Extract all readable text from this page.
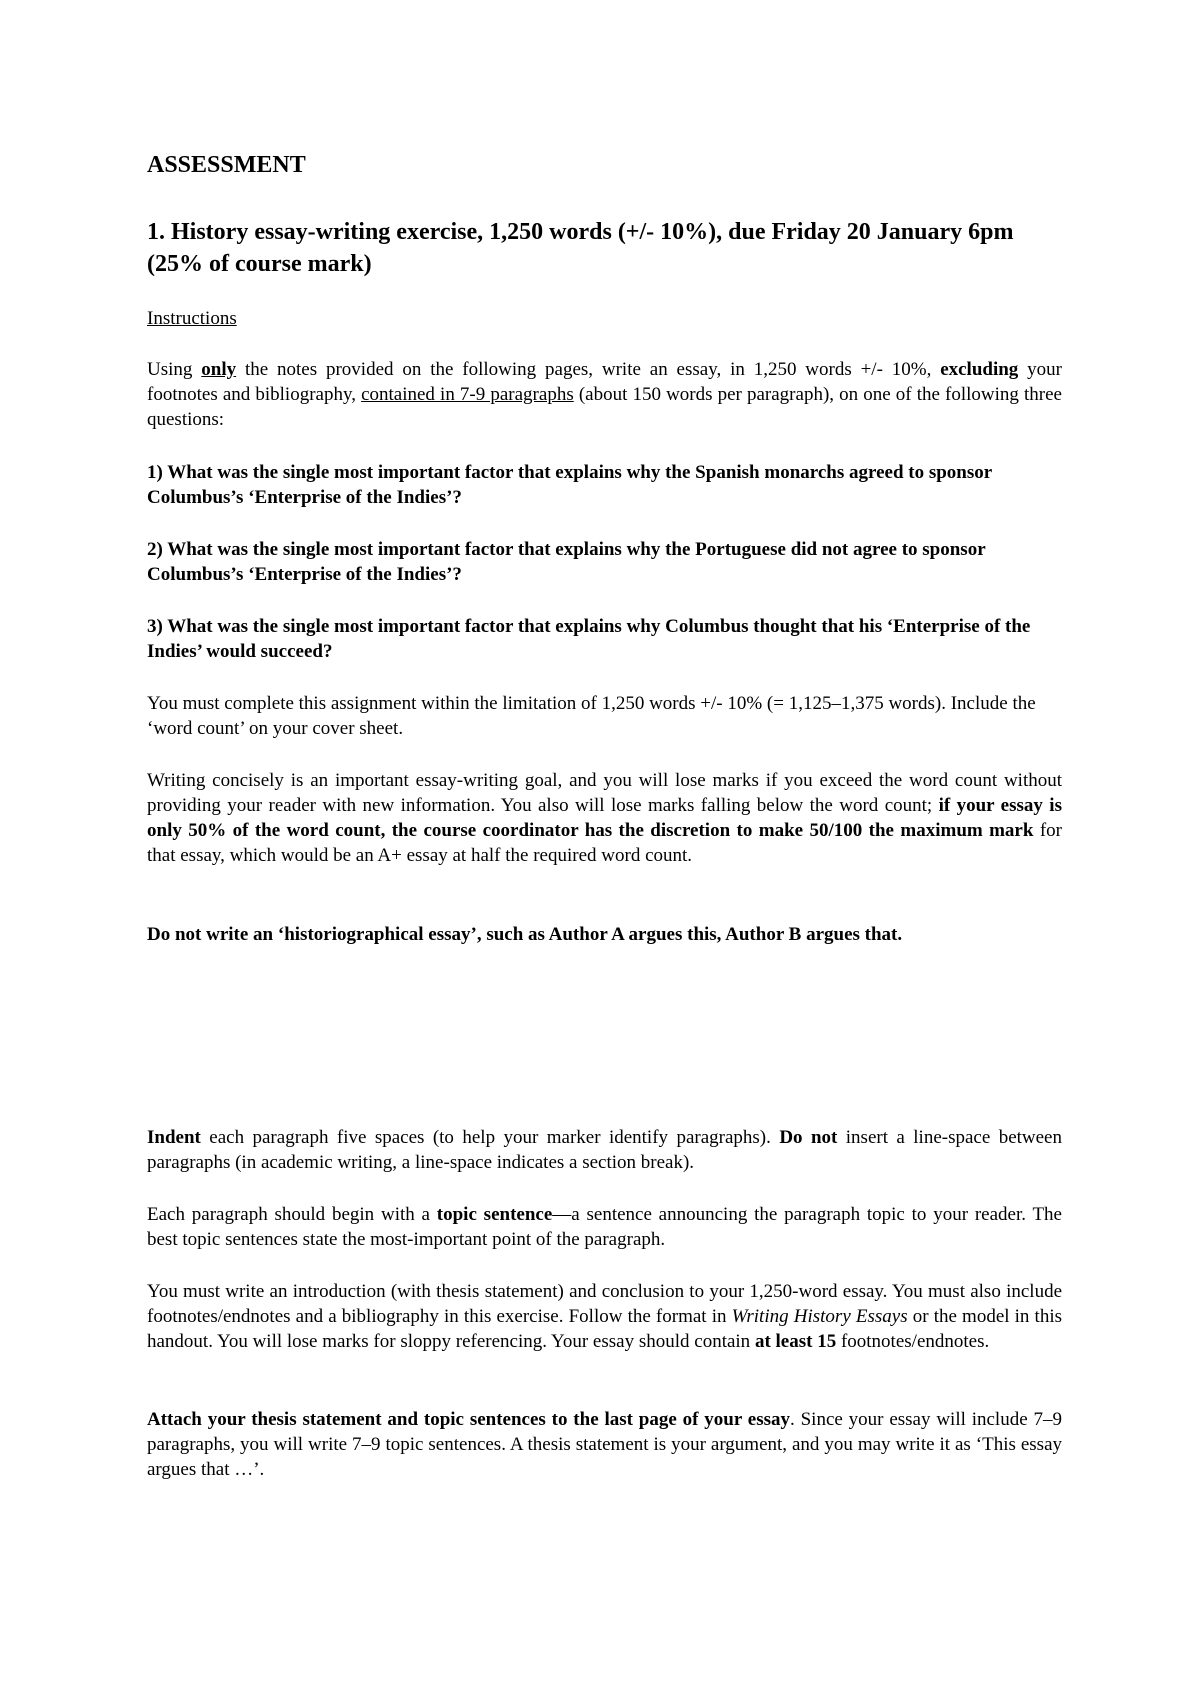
ASSESSMENT
1. History essay-writing exercise, 1,250 words (+/- 10%), due Friday 20 January 6pm (25% of course mark)
Instructions
Using only the notes provided on the following pages, write an essay, in 1,250 words +/- 10%, excluding your footnotes and bibliography, contained in 7-9 paragraphs (about 150 words per paragraph), on one of the following three questions:
1) What was the single most important factor that explains why the Spanish monarchs agreed to sponsor Columbus’s ‘Enterprise of the Indies’?
2) What was the single most important factor that explains why the Portuguese did not agree to sponsor Columbus’s ‘Enterprise of the Indies’?
3) What was the single most important factor that explains why Columbus thought that his ‘Enterprise of the Indies’ would succeed?
You must complete this assignment within the limitation of 1,250 words +/- 10% (= 1,125–1,375 words). Include the ‘word count’ on your cover sheet.
Writing concisely is an important essay-writing goal, and you will lose marks if you exceed the word count without providing your reader with new information. You also will lose marks falling below the word count; if your essay is only 50% of the word count, the course coordinator has the discretion to make 50/100 the maximum mark for that essay, which would be an A+ essay at half the required word count.
Do not write an ‘historiographical essay’, such as Author A argues this, Author B argues that.
Indent each paragraph five spaces (to help your marker identify paragraphs). Do not insert a line-space between paragraphs (in academic writing, a line-space indicates a section break).
Each paragraph should begin with a topic sentence—a sentence announcing the paragraph topic to your reader. The best topic sentences state the most-important point of the paragraph.
You must write an introduction (with thesis statement) and conclusion to your 1,250-word essay. You must also include footnotes/endnotes and a bibliography in this exercise. Follow the format in Writing History Essays or the model in this handout. You will lose marks for sloppy referencing. Your essay should contain at least 15 footnotes/endnotes.
Attach your thesis statement and topic sentences to the last page of your essay. Since your essay will include 7–9 paragraphs, you will write 7–9 topic sentences. A thesis statement is your argument, and you may write it as ‘This essay argues that …’.
